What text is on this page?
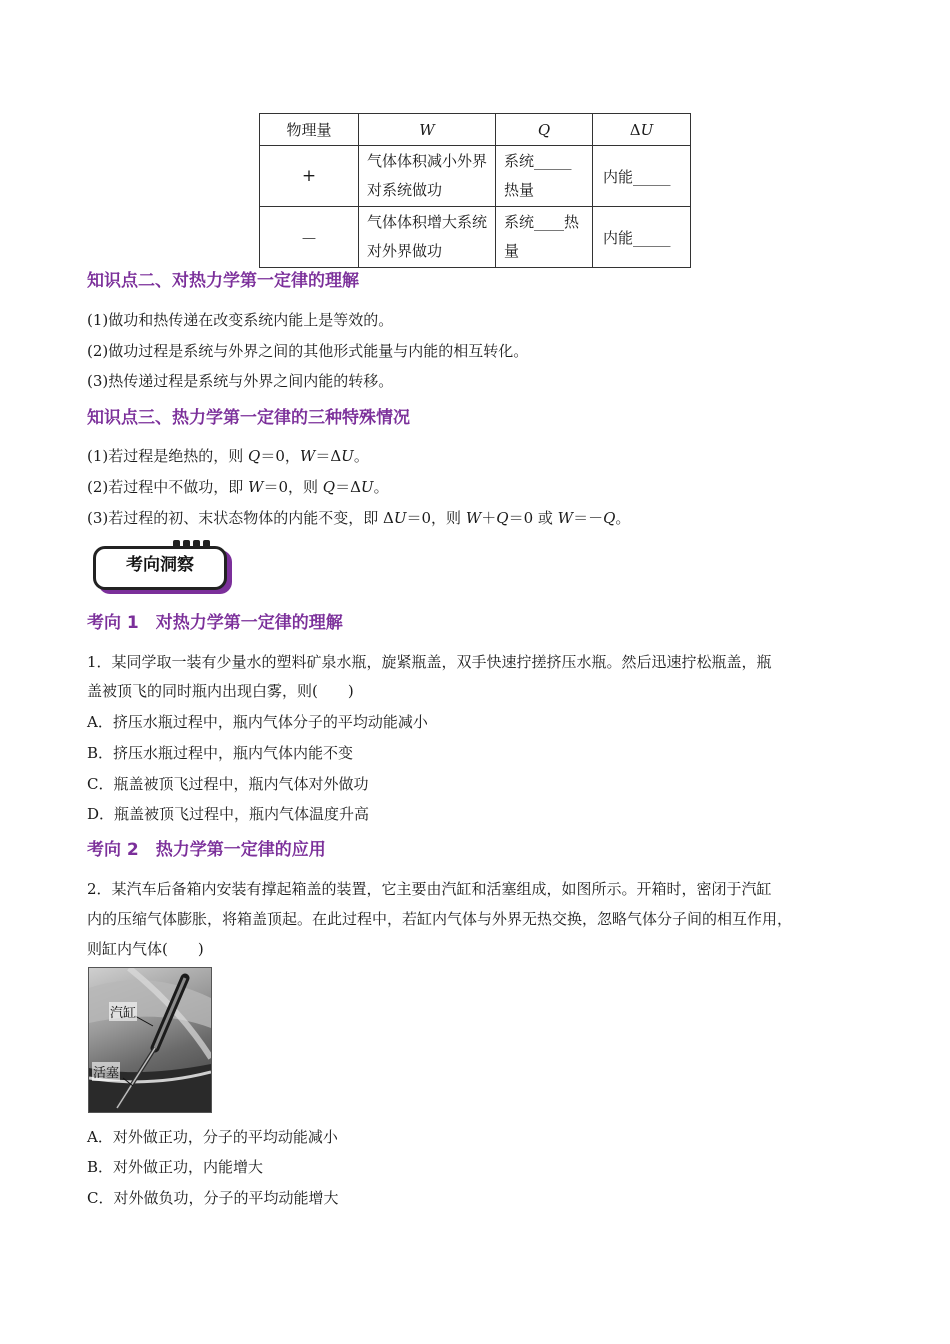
物理量	W	Q	ΔU
+	气体体积减小外界对系统做功	系统_____热量	内能_____
－	气体体积增大系统对外界做功	系统____热量	内能_____
知识点二、对热力学第一定律的理解
(1)做功和热传递在改变系统内能上是等效的。
(2)做功过程是系统与外界之间的其他形式能量与内能的相互转化。
(3)热传递过程是系统与外界之间内能的转移。
知识点三、热力学第一定律的三种特殊情况
(1)若过程是绝热的，则 Q＝0，W＝ΔU。
(2)若过程中不做功，即 W＝0，则 Q＝ΔU。
(3)若过程的初、末状态物体的内能不变，即 ΔU＝0，则 W＋Q＝0 或 W＝－Q。
考向洞察
考向 1　对热力学第一定律的理解
1．某同学取一装有少量水的塑料矿泉水瓶，旋紧瓶盖，双手快速拧搓挤压水瓶。然后迅速拧松瓶盖，瓶
盖被顶飞的同时瓶内出现白雾，则(　　)
A．挤压水瓶过程中，瓶内气体分子的平均动能减小
B．挤压水瓶过程中，瓶内气体内能不变
C．瓶盖被顶飞过程中，瓶内气体对外做功
D．瓶盖被顶飞过程中，瓶内气体温度升高
考向 2　热力学第一定律的应用
2．某汽车后备箱内安装有撑起箱盖的装置，它主要由汽缸和活塞组成，如图所示。开箱时，密闭于汽缸
内的压缩气体膨胀，将箱盖顶起。在此过程中，若缸内气体与外界无热交换，忽略气体分子间的相互作用，
则缸内气体(　　)
汽缸
活塞
A．对外做正功，分子的平均动能减小
B．对外做正功，内能增大
C．对外做负功，分子的平均动能增大
